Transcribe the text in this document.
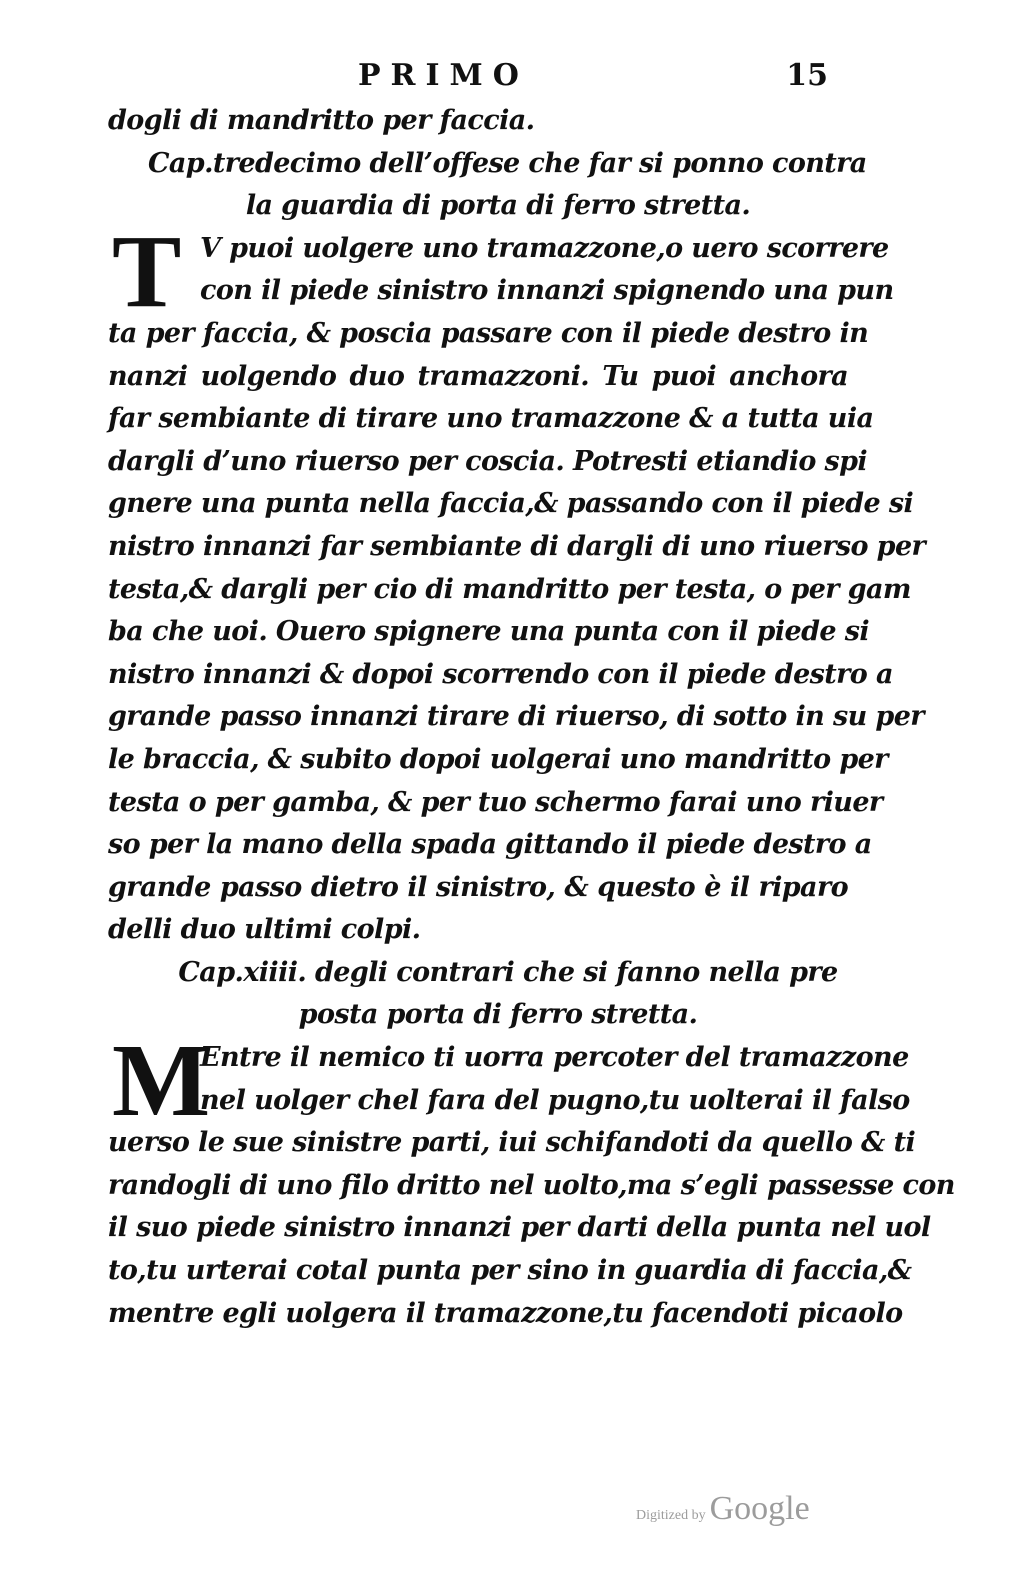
PRIMO	15
dogli di mandritto per faccia.
Cap.tredecimo dell’offese che far si ponno contra
la guardia di porta di ferro stretta.
T V puoi uolgere uno tramazzone,o uero scorrere
con il piede sinistro innanzi spignendo una pun
ta per faccia, & poscia passare con il piede destro in
nanzi uolgendo duo tramazzoni. Tu puoi anchora
far sembiante di tirare uno tramazzone & a tutta uia
dargli d’uno riuerso per coscia. Potresti etiandio spi
gnere una punta nella faccia,& passando con il piede si
nistro innanzi far sembiante di dargli di uno riuerso per
testa,& dargli per cio di mandritto per testa, o per gam
ba che uoi. Ouero spignere una punta con il piede si
nistro innanzi & dopoi scorrendo con il piede destro a
grande passo innanzi tirare di riuerso, di sotto in su per
le braccia, & subito dopoi uolgerai uno mandritto per
testa o per gamba, & per tuo schermo farai uno riuer
so per la mano della spada gittando il piede destro a
grande passo dietro il sinistro, & questo è il riparo
delli duo ultimi colpi.
Cap.xiiii. degli contrari che si fanno nella pre
posta porta di ferro stretta.
M
Entre il nemico ti uorra percoter del tramazzone
nel uolger chel fara del pugno,tu uolterai il falso
uerso le sue sinistre parti, iui schifandoti da quello & ti
randogli di uno filo dritto nel uolto,ma s’egli passesse con
il suo piede sinistro innanzi per darti della punta nel uol
to,tu urterai cotal punta per sino in guardia di faccia,&
mentre egli uolgera il tramazzone,tu facendoti picaolo
Digitized by Google
